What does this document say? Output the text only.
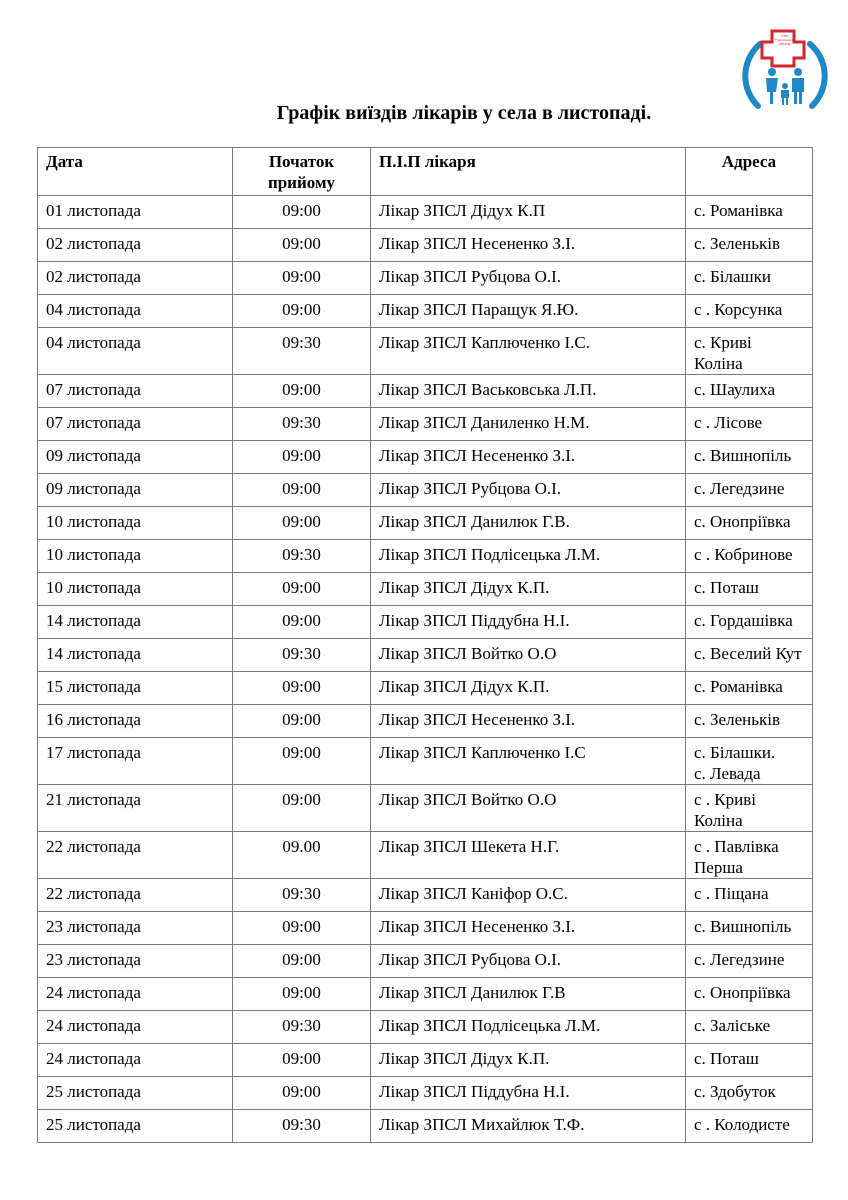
КНП
"Гайсинський ЦПМСД"
Графік виїздів лікарів у села в листопаді.
Дата	Початок
прийому	П.І.П лікаря	Адреса
01 листопада	09:00	Лікар ЗПСЛ Дідух К.П	с. Романівка

02 листопада	09:00	Лікар ЗПСЛ Несененко З.І.	с. Зеленьків

02 листопада	09:00	Лікар ЗПСЛ Рубцова О.І.	с. Білашки

04 листопада	09:00	Лікар ЗПСЛ Паращук Я.Ю.	с . Корсунка

04 листопада	09:30	Лікар ЗПСЛ Каплюченко І.С.	с. Криві Коліна

07 листопада	09:00	Лікар ЗПСЛ Васьковська Л.П.	с. Шаулиха

07 листопада	09:30	Лікар ЗПСЛ Даниленко Н.М.	с . Лісове

09 листопада	09:00	Лікар ЗПСЛ Несененко З.І.	с. Вишнопіль

09 листопада	09:00	Лікар ЗПСЛ Рубцова О.І.	с. Легедзине

10 листопада	09:00	Лікар ЗПСЛ Данилюк Г.В.	с. Онопріївка

10 листопада	09:30	Лікар ЗПСЛ Подлісецька Л.М.	с . Кобринове

10 листопада	09:00	Лікар ЗПСЛ Дідух К.П.	с. Поташ

14 листопада	09:00	Лікар ЗПСЛ Піддубна Н.І.	с. Гордашівка

14 листопада	09:30	Лікар ЗПСЛ Войтко О.О	с. Веселий Кут

15 листопада	09:00	Лікар ЗПСЛ Дідух К.П.	с. Романівка

16 листопада	09:00	Лікар ЗПСЛ Несененко З.І.	с. Зеленьків

17 листопада	09:00	Лікар ЗПСЛ Каплюченко І.С	с. Білашки.
с. Левада

21 листопада	09:00	Лікар ЗПСЛ Войтко О.О	с . Криві Коліна

22 листопада	09.00	Лікар ЗПСЛ Шекета Н.Г.	с . Павлівка Перша

22 листопада	09:30	Лікар ЗПСЛ Каніфор О.С.	с . Піщана

23 листопада	09:00	Лікар ЗПСЛ Несененко З.І.	с. Вишнопіль

23 листопада	09:00	Лікар ЗПСЛ Рубцова О.І.	с. Легедзине

24 листопада	09:00	Лікар ЗПСЛ Данилюк Г.В	с. Онопріївка

24 листопада	09:30	Лікар ЗПСЛ Подлісецька Л.М.	с. Заліське

24 листопада	09:00	Лікар ЗПСЛ Дідух К.П.	с. Поташ

25 листопада	09:00	Лікар ЗПСЛ Піддубна Н.І.	с. Здобуток

25 листопада	09:30	Лікар ЗПСЛ Михайлюк Т.Ф.	с . Колодисте
